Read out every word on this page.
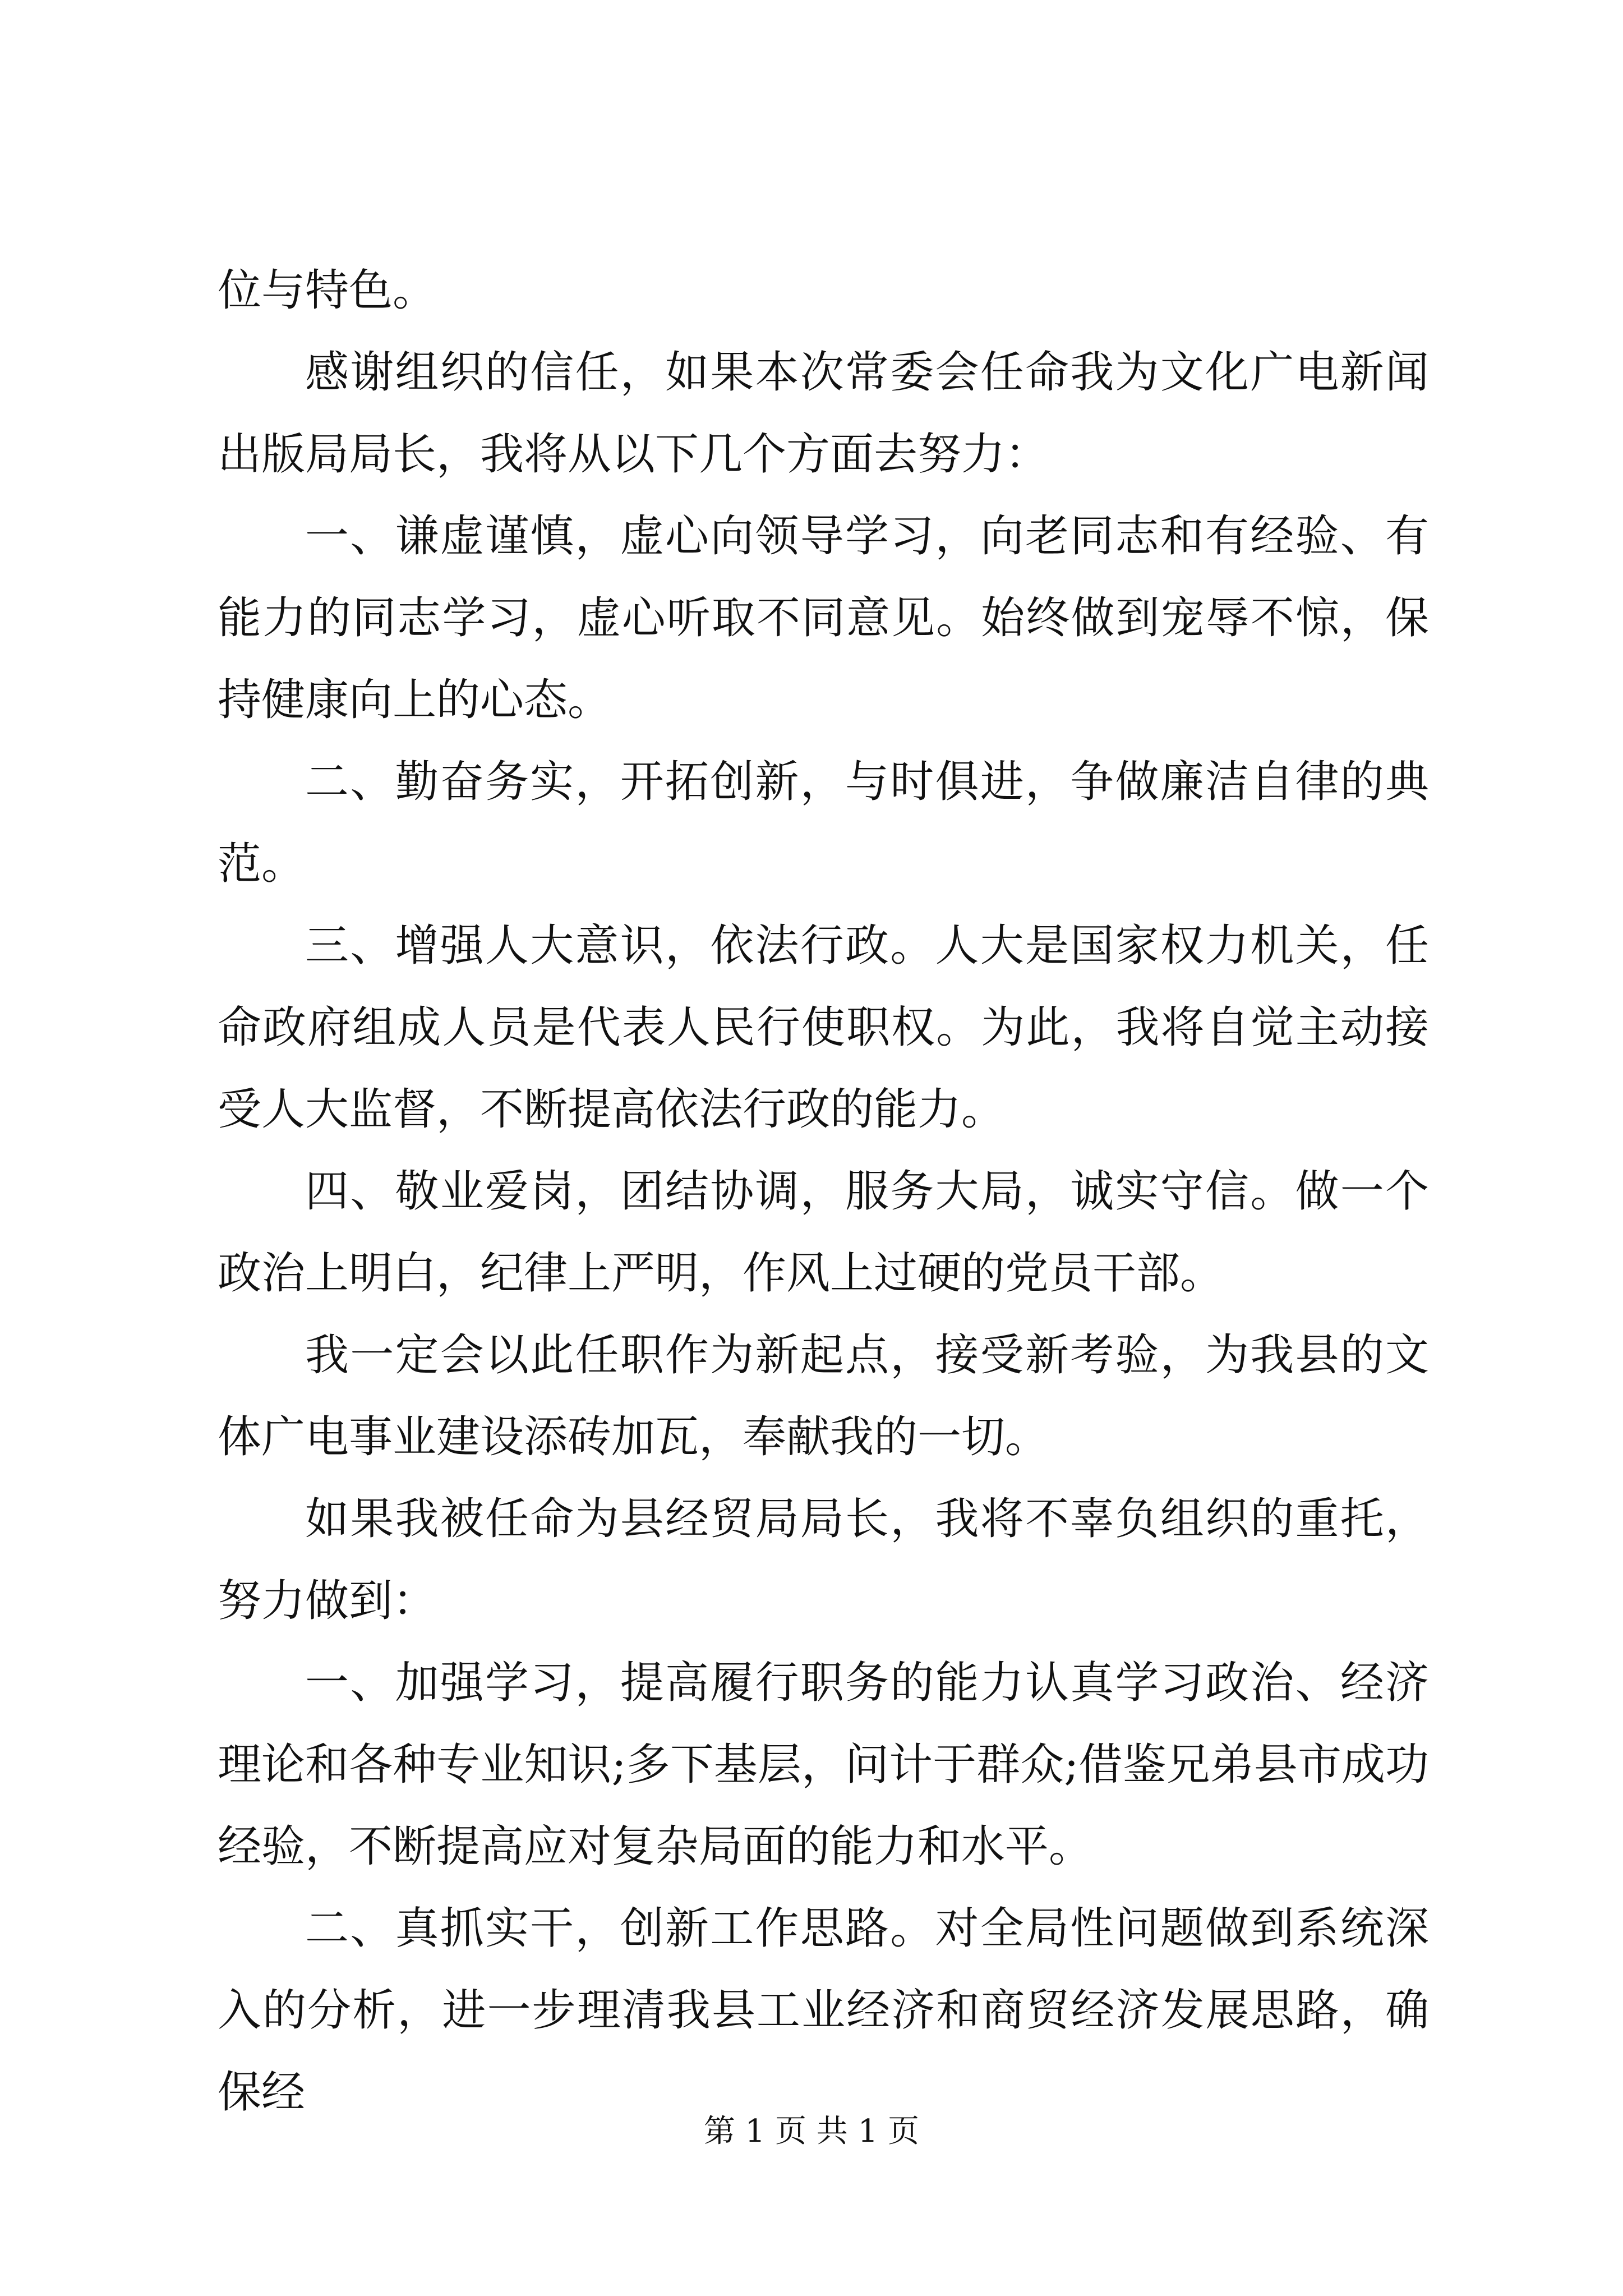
位与特色。

感谢组织的信任，如果本次常委会任命我为文化广电新闻出版局局长，我将从以下几个方面去努力：

一、谦虚谨慎，虚心向领导学习，向老同志和有经验、有能力的同志学习，虚心听取不同意见。始终做到宠辱不惊，保持健康向上的心态。

二、勤奋务实，开拓创新，与时俱进，争做廉洁自律的典范。

三、增强人大意识，依法行政。人大是国家权力机关，任命政府组成人员是代表人民行使职权。为此，我将自觉主动接受人大监督，不断提高依法行政的能力。

四、敬业爱岗，团结协调，服务大局，诚实守信。做一个政治上明白，纪律上严明，作风上过硬的党员干部。

我一定会以此任职作为新起点，接受新考验，为我县的文体广电事业建设添砖加瓦，奉献我的一切。

如果我被任命为县经贸局局长，我将不辜负组织的重托，努力做到：

一、加强学习，提高履行职务的能力认真学习政治、经济理论和各种专业知识;多下基层，问计于群众;借鉴兄弟县市成功经验，不断提高应对复杂局面的能力和水平。

二、真抓实干，创新工作思路。对全局性问题做到系统深入的分析，进一步理清我县工业经济和商贸经济发展思路，确保经

第 1 页 共 1 页
